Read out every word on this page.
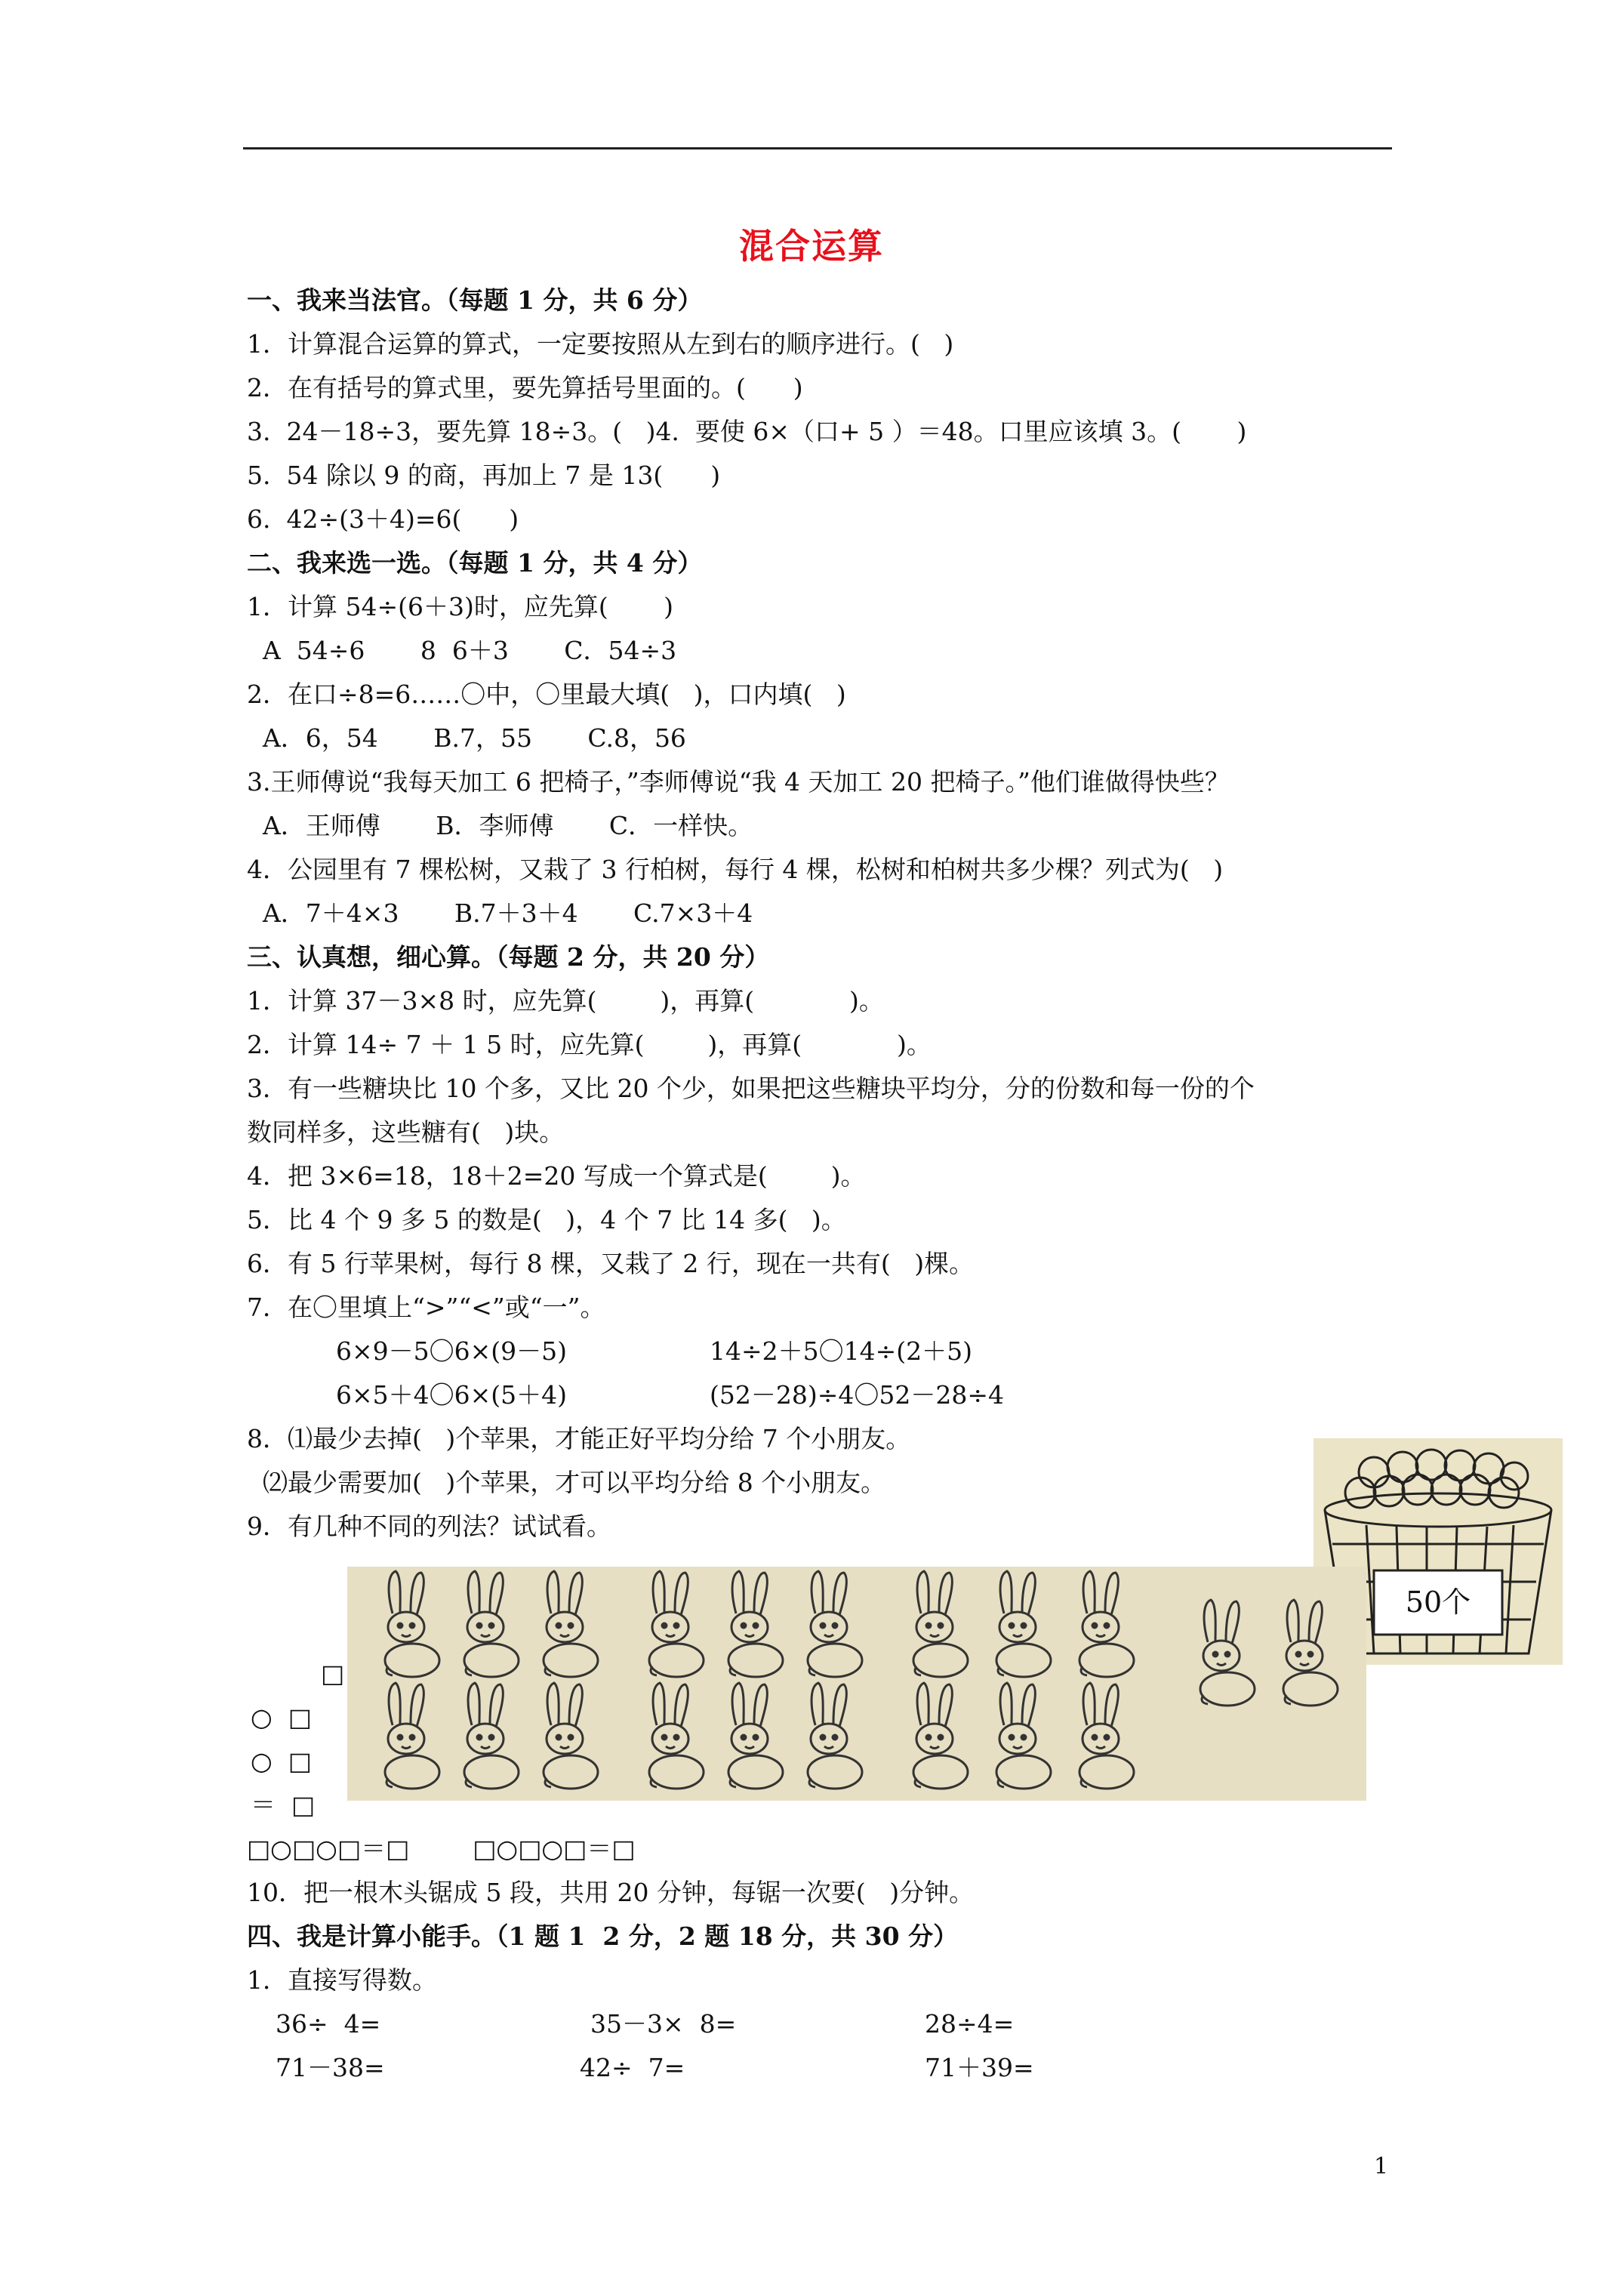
混合运算
一、我来当法官。（每题 1 分，共 6 分）
1．计算混合运算的算式，一定要按照从左到右的顺序进行。(   )
2．在有括号的算式里，要先算括号里面的。(      )
3.  24－18÷3，要先算 18÷3。(   )4.  要使 6×（口+ 5 ）＝48。口里应该填 3。(       )
5.  54 除以 9 的商，再加上 7 是 13(      )
6.  42÷(3＋4)=6(      )
二、我来选一选。（每题 1 分，共 4 分）
1．计算 54÷(6＋3)时，应先算(       )
A  54÷6       8  6＋3       C．54÷3
2．在口÷8=6……〇中，〇里最大填(   )，口内填(   )
A．6，54       B.7，55       C.8，56
3.王师傅说“我每天加工 6 把椅子，”李师傅说“我 4 天加工 20 把椅子。”他们谁做得快些？
A．王师傅       B．李师傅       C．一样快。
4．公园里有 7 棵松树，又栽了 3 行柏树，每行 4 棵，松树和柏树共多少棵？列式为(   )
A．7＋4×3       B.7＋3＋4       C.7×3＋4
三、认真想，细心算。（每题 2 分，共 20 分）
1．计算 37－3×8 时，应先算(        )，再算(            )。
2．计算 14÷ 7 ＋ 1 5 时，应先算(        )，再算(            )。
3．有一些糖块比 10 个多，又比 20 个少，如果把这些糖块平均分，分的份数和每一份的个
数同样多，这些糖有(   )块。
4．把 3×6=18，18＋2=20 写成一个算式是(        )。
5．比 4 个 9 多 5 的数是(   )，4 个 7 比 14 多(   )。
6．有 5 行苹果树，每行 8 棵，又栽了 2 行，现在一共有(   )棵。
7．在〇里填上“>”“<”或“一”。
6×9－5〇6×(9－5)	14÷2＋5〇14÷(2＋5)
6×5＋4〇6×(5＋4)	(52－28)÷4〇52－28÷4
8．⑴最少去掉(   )个苹果，才能正好平均分给 7 个小朋友。
⑵最少需要加(   )个苹果，才可以平均分给 8 个小朋友。
9．有几种不同的列法？试试看。
50个
□
○  □
○  □
＝  □
□○□○□＝□        □○□○□＝□
10．把一根木头锯成 5 段，共用 20 分钟，每锯一次要(   )分钟。
四、我是计算小能手。（1 题 1  2 分，2 题 18 分，共 30 分）
1．直接写得数。
36÷  4=	35－3×  8=	28÷4=
71－38=	42÷  7=	71＋39=
1
